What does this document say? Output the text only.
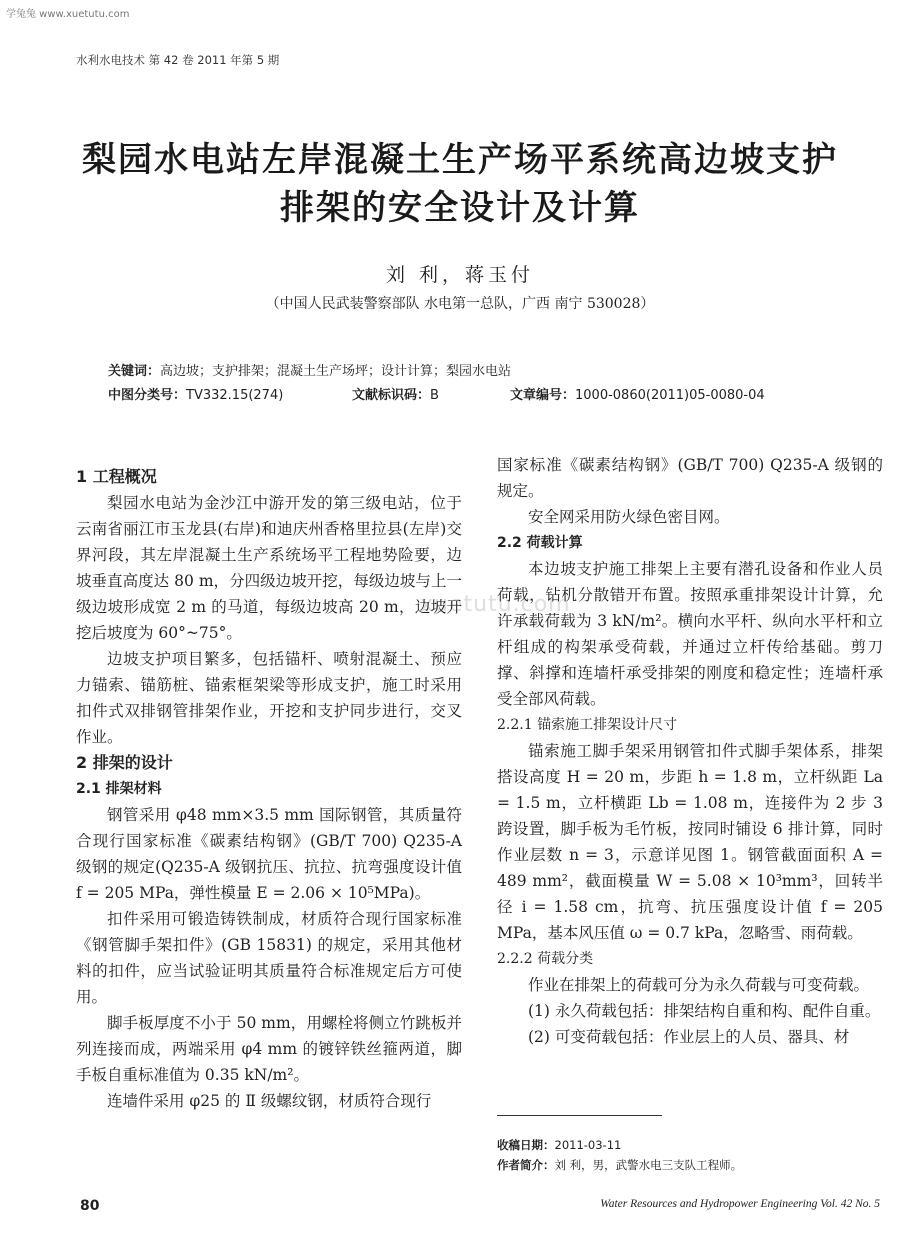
学兔兔 www.xuetutu.com
xuetutu.com
水利水电技术 第 42 卷 2011 年第 5 期
梨园水电站左岸混凝土生产场平系统高边坡支护
排架的安全设计及计算
刘 利，蒋玉付
（中国人民武装警察部队 水电第一总队，广西 南宁 530028）
关键词：高边坡；支护排架；混凝土生产场坪；设计计算；梨园水电站
中图分类号：TV332.15(274)	文献标识码：B	文章编号：1000-0860(2011)05-0080-04

1 工程概况

梨园水电站为金沙江中游开发的第三级电站，位于云南省丽江市玉龙县(右岸)和迪庆州香格里拉县(左岸)交界河段，其左岸混凝土生产系统场平工程地势险要，边坡垂直高度达 80 m，分四级边坡开挖，每级边坡与上一级边坡形成宽 2 m 的马道，每级边坡高 20 m，边坡开挖后坡度为 60°~75°。

边坡支护项目繁多，包括锚杆、喷射混凝土、预应力锚索、锚筋桩、锚索框架梁等形成支护，施工时采用扣件式双排钢管排架作业，开挖和支护同步进行，交叉作业。

2 排架的设计

2.1 排架材料

钢管采用 φ48 mm×3.5 mm 国际钢管，其质量符合现行国家标准《碳素结构钢》(GB/T 700) Q235-A 级钢的规定(Q235-A 级钢抗压、抗拉、抗弯强度设计值 f = 205 MPa，弹性模量 E = 2.06 × 10⁵MPa)。

扣件采用可锻造铸铁制成，材质符合现行国家标准《钢管脚手架扣件》(GB 15831) 的规定，采用其他材料的扣件，应当试验证明其质量符合标准规定后方可使用。

脚手板厚度不小于 50 mm，用螺栓将侧立竹跳板并列连接而成，两端采用 φ4 mm 的镀锌铁丝箍两道，脚手板自重标准值为 0.35 kN/m²。

连墙件采用 φ25 的 Ⅱ 级螺纹钢，材质符合现行

国家标准《碳素结构钢》(GB/T 700) Q235-A 级钢的规定。

安全网采用防火绿色密目网。

2.2 荷载计算

本边坡支护施工排架上主要有潜孔设备和作业人员荷载，钻机分散错开布置。按照承重排架设计计算，允许承载荷载为 3 kN/m²。横向水平杆、纵向水平杆和立杆组成的构架承受荷载，并通过立杆传给基础。剪刀撑、斜撑和连墙杆承受排架的刚度和稳定性；连墙杆承受全部风荷载。

2.2.1 锚索施工排架设计尺寸

锚索施工脚手架采用钢管扣件式脚手架体系，排架搭设高度 H = 20 m，步距 h = 1.8 m，立杆纵距 La = 1.5 m，立杆横距 Lb = 1.08 m，连接件为 2 步 3 跨设置，脚手板为毛竹板，按同时铺设 6 排计算，同时作业层数 n = 3，示意详见图 1。钢管截面面积 A = 489 mm²，截面模量 W = 5.08 × 10³mm³，回转半径 i = 1.58 cm，抗弯、抗压强度设计值 f = 205 MPa，基本风压值 ω = 0.7 kPa，忽略雪、雨荷载。

2.2.2 荷载分类

作业在排架上的荷载可分为永久荷载与可变荷载。

(1) 永久荷载包括：排架结构自重和构、配件自重。

(2) 可变荷载包括：作业层上的人员、器具、材

收稿日期：2011-03-11
作者简介：刘 利，男，武警水电三支队工程师。
80	Water Resources and Hydropower Engineering Vol. 42 No. 5
